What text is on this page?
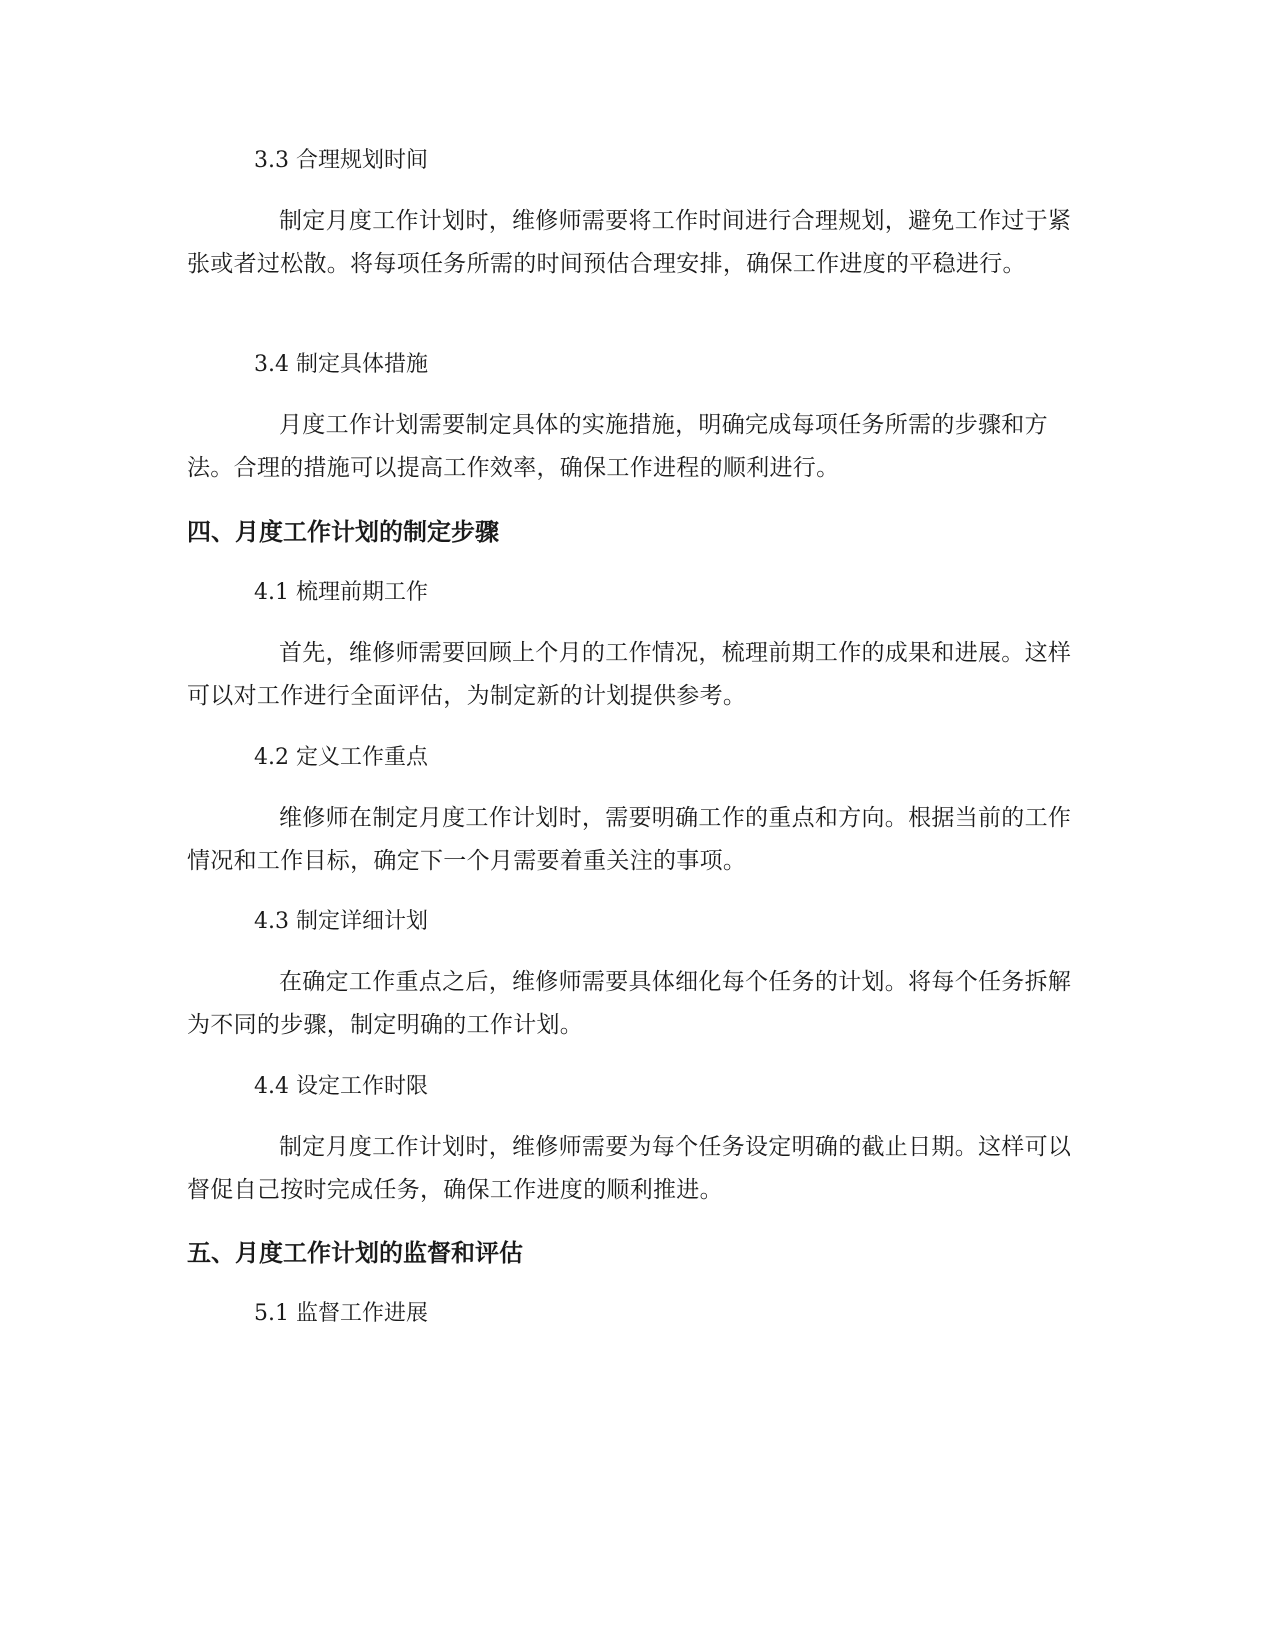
3.3 合理规划时间
制定月度工作计划时，维修师需要将工作时间进行合理规划，避免工作过于紧张或者过松散。将每项任务所需的时间预估合理安排，确保工作进度的平稳进行。
3.4 制定具体措施
月度工作计划需要制定具体的实施措施，明确完成每项任务所需的步骤和方法。合理的措施可以提高工作效率，确保工作进程的顺利进行。
四、月度工作计划的制定步骤
4.1 梳理前期工作
首先，维修师需要回顾上个月的工作情况，梳理前期工作的成果和进展。这样可以对工作进行全面评估，为制定新的计划提供参考。
4.2 定义工作重点
维修师在制定月度工作计划时，需要明确工作的重点和方向。根据当前的工作情况和工作目标，确定下一个月需要着重关注的事项。
4.3 制定详细计划
在确定工作重点之后，维修师需要具体细化每个任务的计划。将每个任务拆解为不同的步骤，制定明确的工作计划。
4.4 设定工作时限
制定月度工作计划时，维修师需要为每个任务设定明确的截止日期。这样可以督促自己按时完成任务，确保工作进度的顺利推进。
五、月度工作计划的监督和评估
5.1 监督工作进展
